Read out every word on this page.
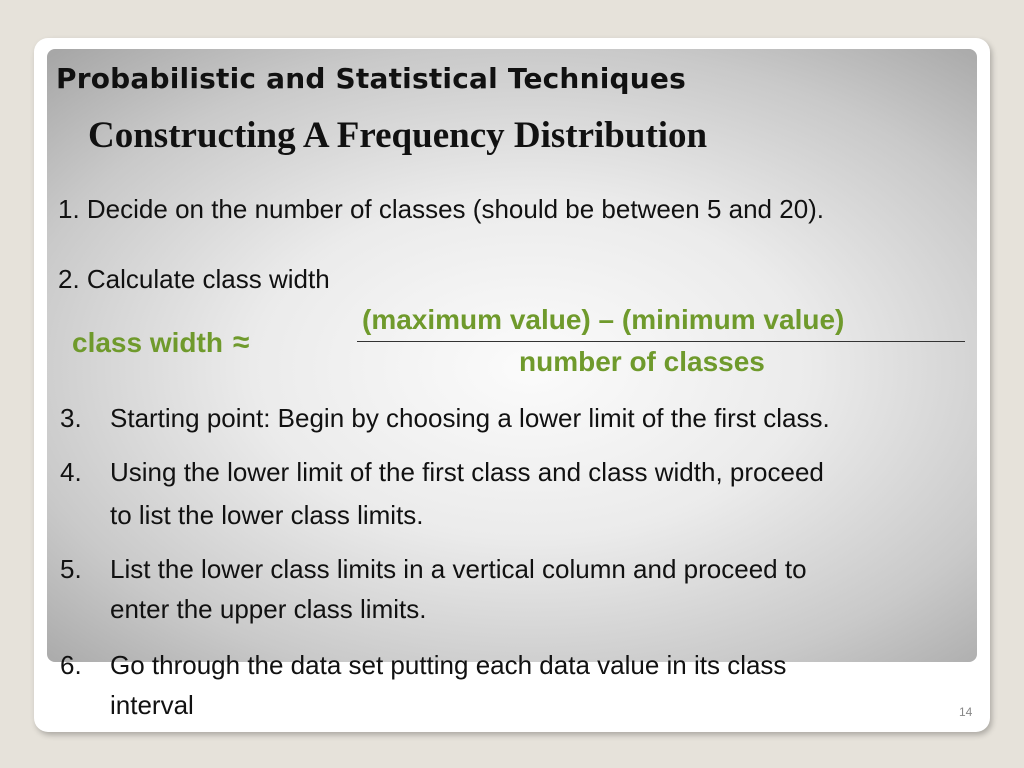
Probabilistic and Statistical Techniques
Constructing A Frequency Distribution
1. Decide on the number of classes (should be between 5 and 20).
2. Calculate class width
class width ≈
(maximum value) – (minimum value)
number of classes
3. Starting point: Begin by choosing a lower limit of the first class.
4. Using the lower limit of the first class and class width, proceed
to list the lower class limits.
5. List the lower class limits in a vertical column and proceed to
enter the upper class limits.
6. Go through the data set putting each data value in its class
interval	14
